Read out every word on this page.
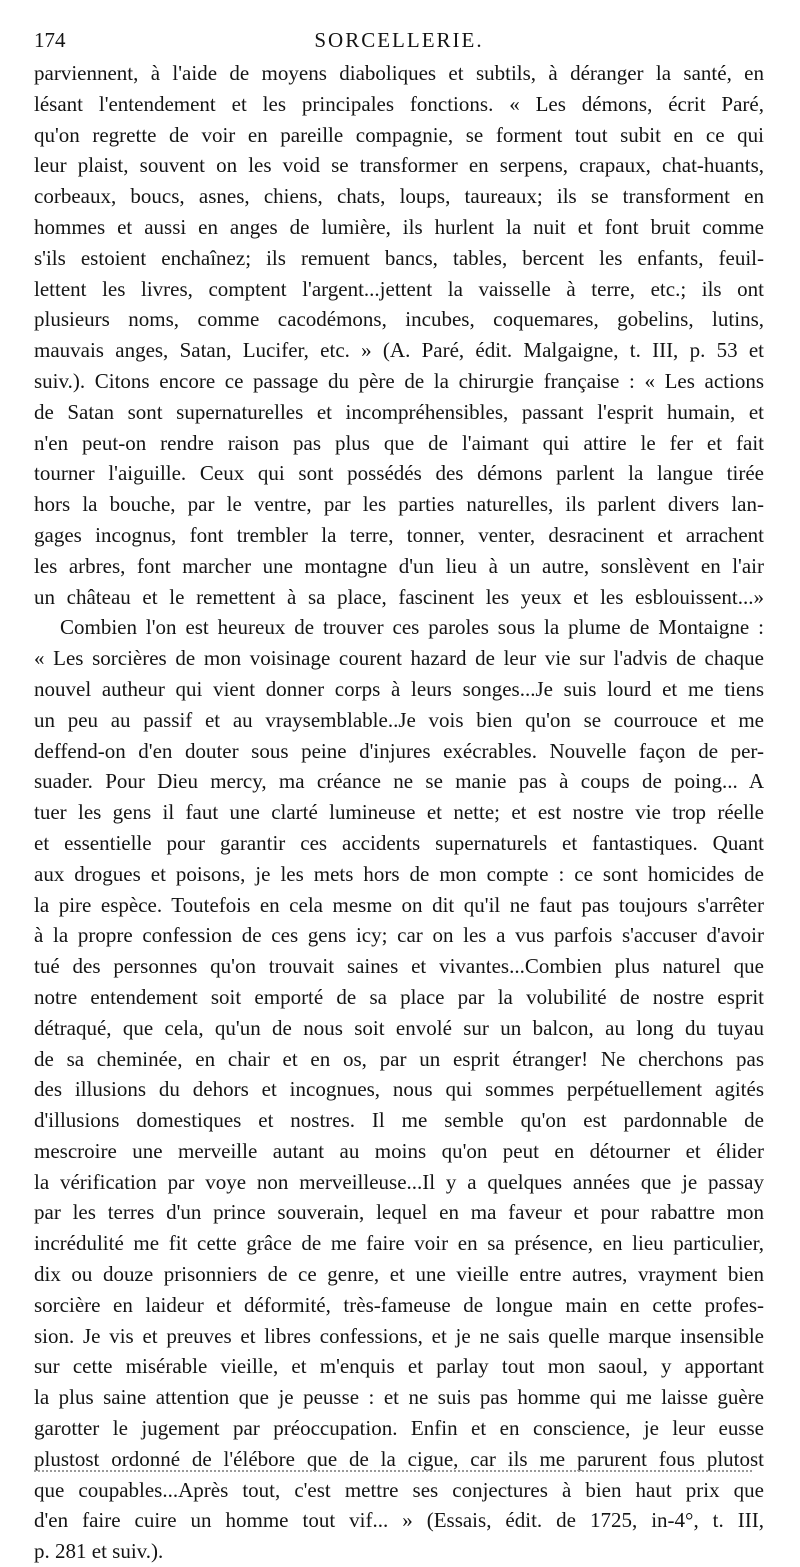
174	SORCELLERIE.
parviennent, à l'aide de moyens diaboliques et subtils, à déranger la santé, en
lésant l'entendement et les principales fonctions. « Les démons, écrit Paré,
qu'on regrette de voir en pareille compagnie, se forment tout subit en ce qui
leur plaist, souvent on les void se transformer en serpens, crapaux, chat-huants,
corbeaux, boucs, asnes, chiens, chats, loups, taureaux; ils se transforment en
hommes et aussi en anges de lumière, ils hurlent la nuit et font bruit comme
s'ils estoient enchaînez; ils remuent bancs, tables, bercent les enfants, feuil-
lettent les livres, comptent l'argent...jettent la vaisselle à terre, etc.; ils ont
plusieurs noms, comme cacodémons, incubes, coquemares, gobelins, lutins,
mauvais anges, Satan, Lucifer, etc. » (A. Paré, édit. Malgaigne, t. III, p. 53 et
suiv.). Citons encore ce passage du père de la chirurgie française : « Les actions
de Satan sont supernaturelles et incompréhensibles, passant l'esprit humain, et
n'en peut-on rendre raison pas plus que de l'aimant qui attire le fer et fait
tourner l'aiguille. Ceux qui sont possédés des démons parlent la langue tirée
hors la bouche, par le ventre, par les parties naturelles, ils parlent divers lan-
gages incognus, font trembler la terre, tonner, venter, desracinent et arrachent
les arbres, font marcher une montagne d'un lieu à un autre, sonslèvent en l'air
un château et le remettent à sa place, fascinent les yeux et les esblouissent...»
Combien l'on est heureux de trouver ces paroles sous la plume de Montaigne :
« Les sorcières de mon voisinage courent hazard de leur vie sur l'advis de chaque
nouvel autheur qui vient donner corps à leurs songes...Je suis lourd et me tiens
un peu au passif et au vraysemblable..Je vois bien qu'on se courrouce et me
deffend-on d'en douter sous peine d'injures exécrables. Nouvelle façon de per-
suader. Pour Dieu mercy, ma créance ne se manie pas à coups de poing... A
tuer les gens il faut une clarté lumineuse et nette; et est nostre vie trop réelle
et essentielle pour garantir ces accidents supernaturels et fantastiques. Quant
aux drogues et poisons, je les mets hors de mon compte : ce sont homicides de
la pire espèce. Toutefois en cela mesme on dit qu'il ne faut pas toujours s'arrêter
à la propre confession de ces gens icy; car on les a vus parfois s'accuser d'avoir
tué des personnes qu'on trouvait saines et vivantes...Combien plus naturel que
notre entendement soit emporté de sa place par la volubilité de nostre esprit
détraqué, que cela, qu'un de nous soit envolé sur un balcon, au long du tuyau
de sa cheminée, en chair et en os, par un esprit étranger! Ne cherchons pas
des illusions du dehors et incognues, nous qui sommes perpétuellement agités
d'illusions domestiques et nostres. Il me semble qu'on est pardonnable de
mescroire une merveille autant au moins qu'on peut en détourner et élider
la vérification par voye non merveilleuse...Il y a quelques années que je passay
par les terres d'un prince souverain, lequel en ma faveur et pour rabattre mon
incrédulité me fit cette grâce de me faire voir en sa présence, en lieu particulier,
dix ou douze prisonniers de ce genre, et une vieille entre autres, vrayment bien
sorcière en laideur et déformité, très-fameuse de longue main en cette profes-
sion. Je vis et preuves et libres confessions, et je ne sais quelle marque insensible
sur cette misérable vieille, et m'enquis et parlay tout mon saoul, y apportant
la plus saine attention que je peusse : et ne suis pas homme qui me laisse guère
garotter le jugement par préoccupation. Enfin et en conscience, je leur eusse
plustost ordonné de l'élébore que de la cigue, car ils me parurent fous plutost
que coupables...Après tout, c'est mettre ses conjectures à bien haut prix que
d'en faire cuire un homme tout vif... » (Essais, édit. de 1725, in-4°, t. III,
p. 281 et suiv.).
